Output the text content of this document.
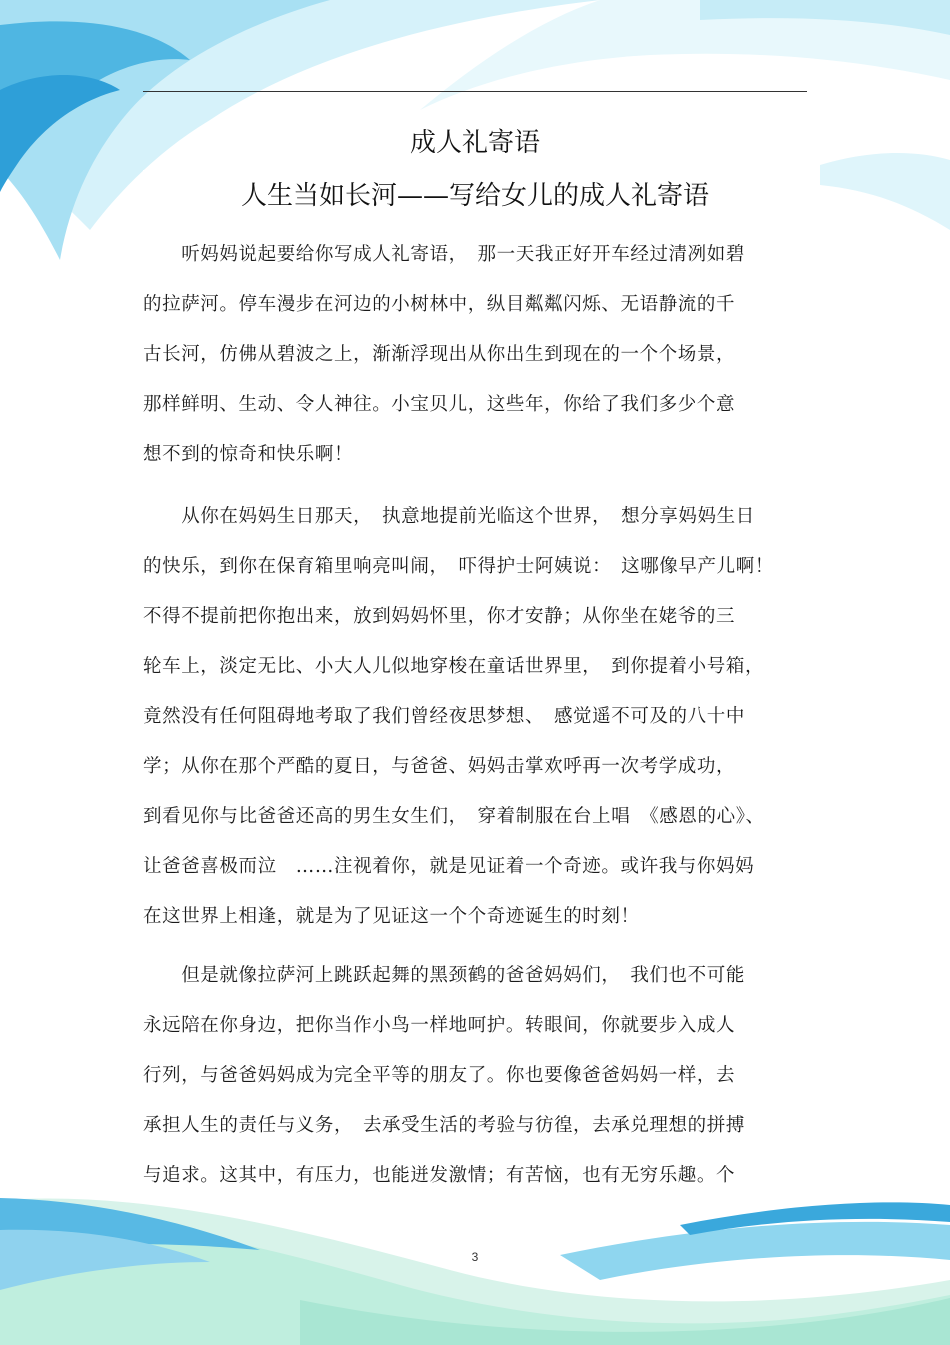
成人礼寄语
人生当如长河——写给女儿的成人礼寄语
　　听妈妈说起要给你写成人礼寄语，　那一天我正好开车经过清冽如碧
的拉萨河。停车漫步在河边的小树林中，纵目粼粼闪烁、无语静流的千
古长河，仿佛从碧波之上，渐渐浮现出从你出生到现在的一个个场景，
那样鲜明、生动、令人神往。小宝贝儿，这些年，你给了我们多少个意
想不到的惊奇和快乐啊！
　　从你在妈妈生日那天，　执意地提前光临这个世界，　想分享妈妈生日
的快乐，到你在保育箱里响亮叫闹，　吓得护士阿姨说：　这哪像早产儿啊！
不得不提前把你抱出来，放到妈妈怀里，你才安静；从你坐在姥爷的三
轮车上，淡定无比、小大人儿似地穿梭在童话世界里，　到你提着小号箱，
竟然没有任何阻碍地考取了我们曾经夜思梦想、　感觉遥不可及的八十中
学；从你在那个严酷的夏日，与爸爸、妈妈击掌欢呼再一次考学成功，
到看见你与比爸爸还高的男生女生们，　穿着制服在台上唱　《感恩的心》、
让爸爸喜极而泣　……注视着你，就是见证着一个奇迹。或许我与你妈妈
在这世界上相逢，就是为了见证这一个个奇迹诞生的时刻！
　　但是就像拉萨河上跳跃起舞的黑颈鹤的爸爸妈妈们，　我们也不可能
永远陪在你身边，把你当作小鸟一样地呵护。转眼间，你就要步入成人
行列，与爸爸妈妈成为完全平等的朋友了。你也要像爸爸妈妈一样，去
承担人生的责任与义务，　去承受生活的考验与彷徨，去承兑理想的拼搏
与追求。这其中，有压力，也能迸发激情；有苦恼，也有无穷乐趣。个
3
